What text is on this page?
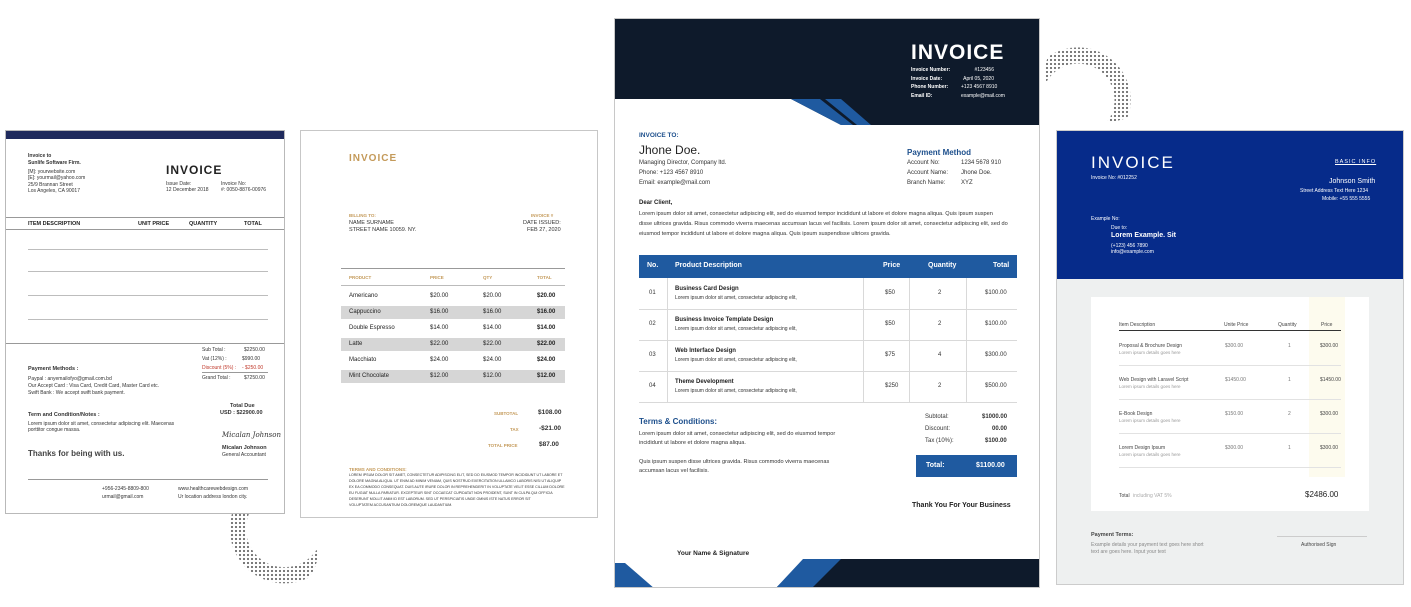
Invoice to
Sunlife Software Firm.
[M]: yourwebsite.com
[E]: yourmail@yahoo.com
25/9 Brannan Street
Los Angeles, CA 90017
INVOICE
Issue Date:
12 December 2018
Invoice No:
#: 0050-8876-00976
ITEM DESCRIPTION	UNIT PRICE	QUANTITY	TOTAL
Sub Total :	$2250.00
Vat (12%) :	$990.00
Discount (5%) : - $250.00
Grand Total :	$7250.00
Payment Methods :
Paypal : anyemailofyo@gmail.com.bd
Our Accept Card : Visa Card, Credit Card, Master Card etc.
Swift Bank : We accept swift bank payment.
Term and Condition/Notes :
Lorem ipsum dolor sit amet, consectetur adipiscing elit. Maecenas
porttitor congue massa.
Total Due
USD : $22900.00
Thanks for being with us.
Micalan Johnson
Micalan Johnson
General Accountant
+956-2345-8809-800
urmail@gmail.com
www.healthcarewebdesign.com
Ur location address london city.
INVOICE
BILLING TO:
NAME SURNAME
STREET NAME 10059. NY.
INVOICE #
DATE ISSUED:
FEB 27, 2020
PRODUCT	PRICE	QTY	TOTAL
Americano	$20.00	$20.00	$20.00
Cappuccino	$16.00	$16.00	$16.00
Double Espresso	$14.00	$14.00	$14.00
Latte	$22.00	$22.00	$22.00
Macchiato	$24.00	$24.00	$24.00
Mint Chocolate	$12.00	$12.00	$12.00
SUBTOTAL	$108.00
TAX	-$21.00
TOTAL PRICE	$87.00
TERMS AND CONDITIONS:
LOREM IPSUM DOLOR SIT AMET, CONSECTETUR ADIPISCING ELIT, SED DO EIUSMOD TEMPOR INCIDIDUNT UT LABORE ET
DOLORE MAGNA ALIQUA. UT ENIM AD MINIM VENIAM, QUIS NOSTRUD EXERCITATION ULLAMCO LABORIS NISI UT ALIQUIP
EX EA COMMODO CONSEQUAT. DUIS AUTE IRURE DOLOR IN REPREHENDERIT IN VOLUPTATE VELIT ESSE CILLUM DOLORE
EU FUGIAT NULLA PARIATUR. EXCEPTEUR SINT OCCAECAT CUPIDATAT NON PROIDENT, SUNT IN CULPA QUI OFFICIA
DESERUNT MOLLIT ANIM ID EST LABORUM. SED UT PERSPICIATIS UNDE OMNIS ISTE NATUS ERROR SIT
VOLUPTATEM ACCUSANTIUM DOLOREMQUE LAUDANTIUM.
INVOICE
Invoice Number:	#123456
Invoice Date:	April 05, 2020
Phone Number:	+123 4567 8910
Email ID:	example@mail.com
INVOICE TO:
Jhone Doe.
Managing Director, Company ltd.
Phone: +123 4567 8910
Email: example@mail.com
Payment Method
Account No:	1234 5678 910
Account Name: Jhone Doe.
Branch Name:	XYZ
Dear Client,
Lorem ipsum dolor sit amet, consectetur adipiscing elit, sed do eiusmod tempor incididunt ut labore et dolore magna aliqua. Quis ipsum suspen
disse ultrices gravida. Risus commodo viverra maecenas accumsan lacus vel facilisis. Lorem ipsum dolor sit amet, consectetur adipiscing elit, sed do
eiusmod tempor incididunt ut labore et dolore magna aliqua. Quis ipsum suspendisse ultrices gravida.
No. Product Description	Price	Quantity	Total
01
Business Card Design
Lorem ipsum dolor sit amet, consectetur adipiscing elit,
$50	2	$100.00
02
Business Invoice Template Design
Lorem ipsum dolor sit amet, consectetur adipiscing elit,
$50	2	$100.00
03
Web Interface Design
Lorem ipsum dolor sit amet, consectetur adipiscing elit,
$75	4	$300.00
04
Theme Development
Lorem ipsum dolor sit amet, consectetur adipiscing elit,
$250	2	$500.00
Terms & Conditions:
Lorem ipsum dolor sit amet, consectetur adipiscing elit, sed do eiusmod tempor
incididunt ut labore et dolore magna aliqua.
Quis ipsum suspen disse ultrices gravida. Risus commodo viverra maecenas
accumsan lacus vel facilisis.
Subtotal:	$1000.00
Discount:	00.00
Tax (10%):	$100.00
Total:	$1100.00
Thank You For Your Business
Your Name & Signature
INVOICE
Invoice No: #012252
BASIC INFO
Johnson Smith
Street Address Text Here 1234
Mobile: +55 555 5555
Example No:
Due to:
Lorem Example. Sit
(+123) 456 7890
info@example.com
Item Description	Unite Price	Quantity	Price
Proposal & Brochure Design
Lorem ipsum details goes here
$300.00	1	$300.00
Web Design with Laravel Script
Lorem ipsum details goes here
$1450.00	1	$1450.00
E-Book Design
Lorem ipsum details goes here
$150.00	2	$300.00
Lorem Design Ipsum
Lorem ipsum details goes here
$300.00	1	$300.00
Total including VAT 5%	$2486.00
Payment Terms:
Example details your payment text goes here short
text are goes here. Input your text
Authorised Sign
